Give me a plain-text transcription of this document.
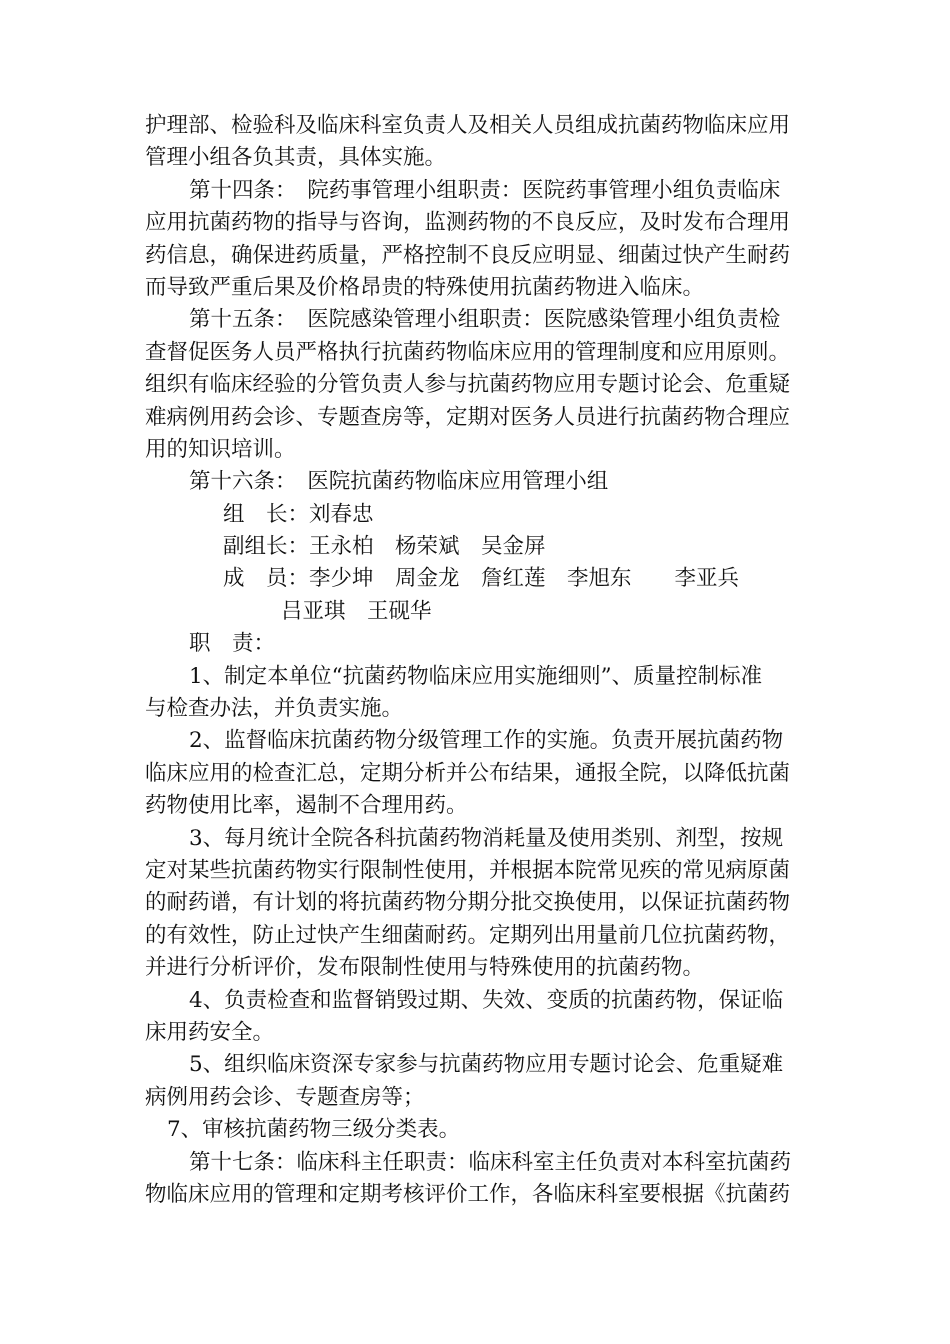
护理部、检验科及临床科室负责人及相关人员组成抗菌药物临床应用
管理小组各负其责，具体实施。
第十四条：　院药事管理小组职责：医院药事管理小组负责临床
应用抗菌药物的指导与咨询，监测药物的不良反应，及时发布合理用
药信息，确保进药质量，严格控制不良反应明显、细菌过快产生耐药
而导致严重后果及价格昂贵的特殊使用抗菌药物进入临床。
第十五条：　医院感染管理小组职责：医院感染管理小组负责检
查督促医务人员严格执行抗菌药物临床应用的管理制度和应用原则。
组织有临床经验的分管负责人参与抗菌药物应用专题讨论会、危重疑
难病例用药会诊、专题查房等，定期对医务人员进行抗菌药物合理应
用的知识培训。
第十六条：　医院抗菌药物临床应用管理小组
组　长：刘春忠
副组长：王永柏　杨荣斌　吴金屏
成　员：李少坤　周金龙　詹红莲　李旭东　　李亚兵
吕亚琪　王砚华
职　责：
1、制定本单位“抗菌药物临床应用实施细则”、质量控制标准
与检查办法，并负责实施。
2、监督临床抗菌药物分级管理工作的实施。负责开展抗菌药物
临床应用的检查汇总，定期分析并公布结果，通报全院，以降低抗菌
药物使用比率，遏制不合理用药。
3、每月统计全院各科抗菌药物消耗量及使用类别、剂型，按规
定对某些抗菌药物实行限制性使用，并根据本院常见疾的常见病原菌
的耐药谱，有计划的将抗菌药物分期分批交换使用，以保证抗菌药物
的有效性，防止过快产生细菌耐药。定期列出用量前几位抗菌药物，
并进行分析评价，发布限制性使用与特殊使用的抗菌药物。
4、负责检查和监督销毁过期、失效、变质的抗菌药物，保证临
床用药安全。
5、组织临床资深专家参与抗菌药物应用专题讨论会、危重疑难
病例用药会诊、专题查房等；
7、审核抗菌药物三级分类表。
第十七条：临床科主任职责：临床科室主任负责对本科室抗菌药
物临床应用的管理和定期考核评价工作，各临床科室要根据《抗菌药
